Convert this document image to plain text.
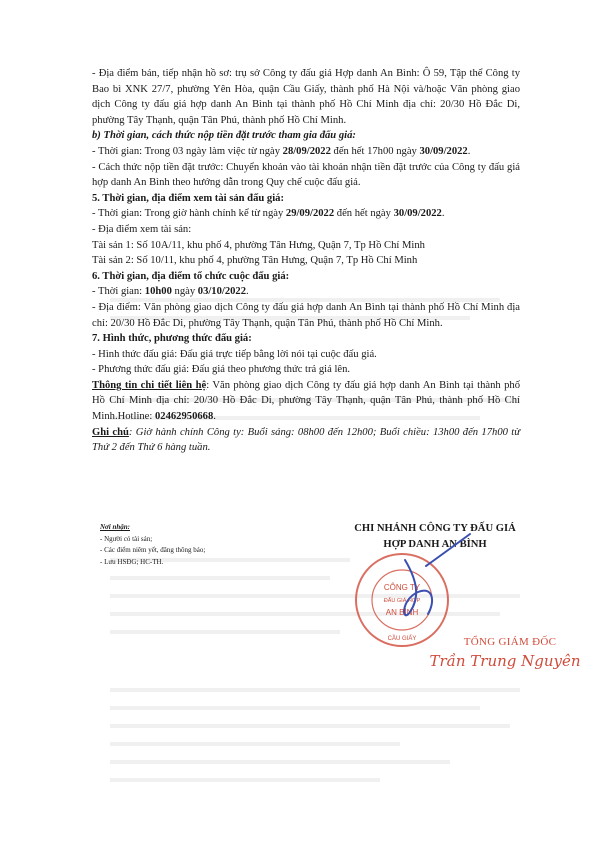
- Địa điểm bán, tiếp nhận hồ sơ: trụ sở Công ty đấu giá Hợp danh An Bình: Ô 59, Tập thể Công ty Bao bì XNK 27/7, phường Yên Hòa, quận Cầu Giấy, thành phố Hà Nội và/hoặc Văn phòng giao dịch Công ty đấu giá hợp danh An Bình tại thành phố Hồ Chí Minh địa chỉ: 20/30 Hồ Đắc Di, phường Tây Thạnh, quận Tân Phú, thành phố Hồ Chí Minh.

b) Thời gian, cách thức nộp tiền đặt trước tham gia đấu giá:

- Thời gian: Trong 03 ngày làm việc từ ngày 28/09/2022 đến hết 17h00 ngày 30/09/2022.

- Cách thức nộp tiền đặt trước: Chuyển khoản vào tài khoản nhận tiền đặt trước của Công ty đấu giá hợp danh An Bình theo hướng dẫn trong Quy chế cuộc đấu giá.

5. Thời gian, địa điểm xem tài sản đấu giá:

- Thời gian: Trong giờ hành chính kể từ ngày 29/09/2022 đến hết ngày 30/09/2022.

- Địa điểm xem tài sản:

Tài sản 1: Số 10A/11, khu phố 4, phường Tân Hưng, Quận 7, Tp Hồ Chí Minh

Tài sản 2: Số 10/11, khu phố 4, phường Tân Hưng, Quận 7, Tp Hồ Chí Minh

6. Thời gian, địa điểm tổ chức cuộc đấu giá:

- Thời gian: 10h00 ngày 03/10/2022.

- Địa điểm: Văn phòng giao dịch Công ty đấu giá hợp danh An Bình tại thành phố Hồ Chí Minh địa chỉ: 20/30 Hồ Đắc Di, phường Tây Thạnh, quận Tân Phú, thành phố Hồ Chí Minh.

7. Hình thức, phương thức đấu giá:

- Hình thức đấu giá: Đấu giá trực tiếp bằng lời nói tại cuộc đấu giá.

- Phương thức đấu giá: Đấu giá theo phương thức trả giá lên.

Thông tin chi tiết liên hệ: Văn phòng giao dịch Công ty đấu giá hợp danh An Bình tại thành phố Hồ Chí Minh địa chỉ: 20/30 Hồ Đắc Di, phường Tây Thạnh, quận Tân Phú, thành phố Hồ Chí Minh.Hotline: 02462950668.

Ghi chú: Giờ hành chính Công ty: Buổi sáng: 08h00 đến 12h00; Buổi chiều: 13h00 đến 17h00 từ Thứ 2 đến Thứ 6 hàng tuần.

Nơi nhận:
- Người có tài sản;
- Các điểm niêm yết, đăng thông báo;
- Lưu HSĐG; HC-TH.
CHI NHÁNH CÔNG TY ĐẤU GIÁ
HỢP DANH AN BÌNH
CÔNG TY
ĐẤU GIÁ HỢP
AN BÌNH
CẦU GIẤY	TỔNG GIÁM ĐỐC
Trần Trung Nguyên
